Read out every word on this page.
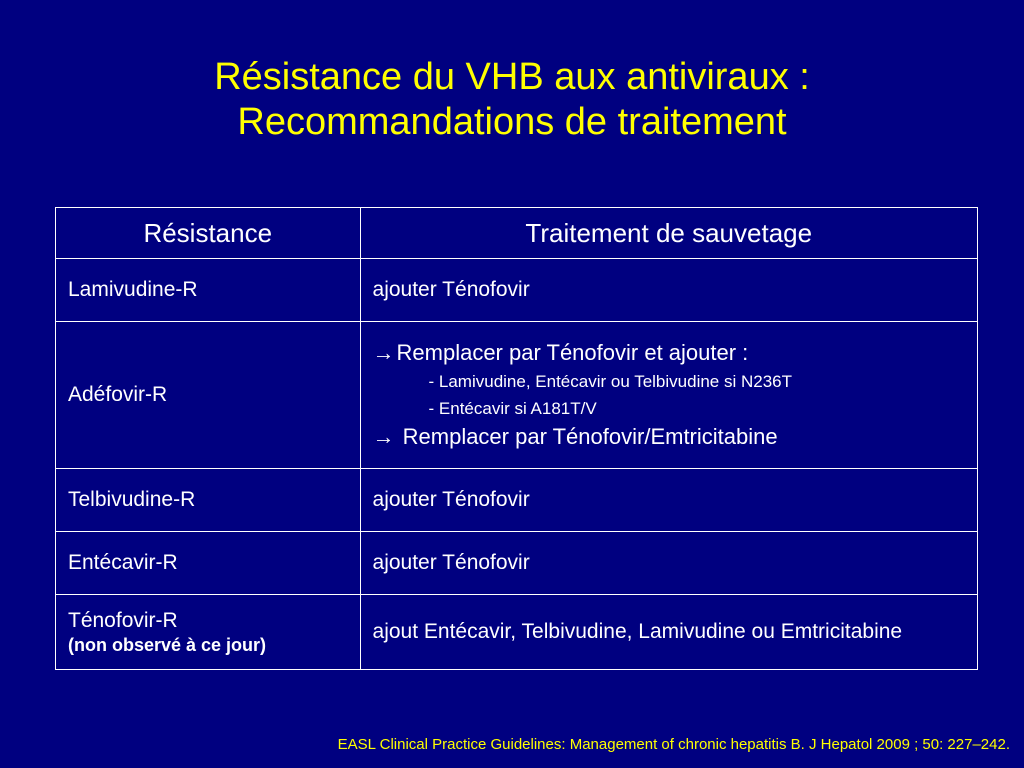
Résistance du VHB aux antiviraux :
Recommandations de traitement
Résistance	Traitement de sauvetage
Lamivudine-R	ajouter Ténofovir
Adéfovir-R	→Remplacer par Ténofovir et ajouter :
- Lamivudine, Entécavir ou Telbivudine si N236T
- Entécavir si A181T/V
→ Remplacer par Ténofovir/Emtricitabine

Telbivudine-R	ajouter Ténofovir
Entécavir-R	ajouter Ténofovir
Ténofovir-R
(non observé à ce jour)	ajout Entécavir, Telbivudine, Lamivudine ou Emtricitabine
EASL Clinical Practice Guidelines: Management of chronic hepatitis B. J Hepatol 2009 ; 50: 227–242.
